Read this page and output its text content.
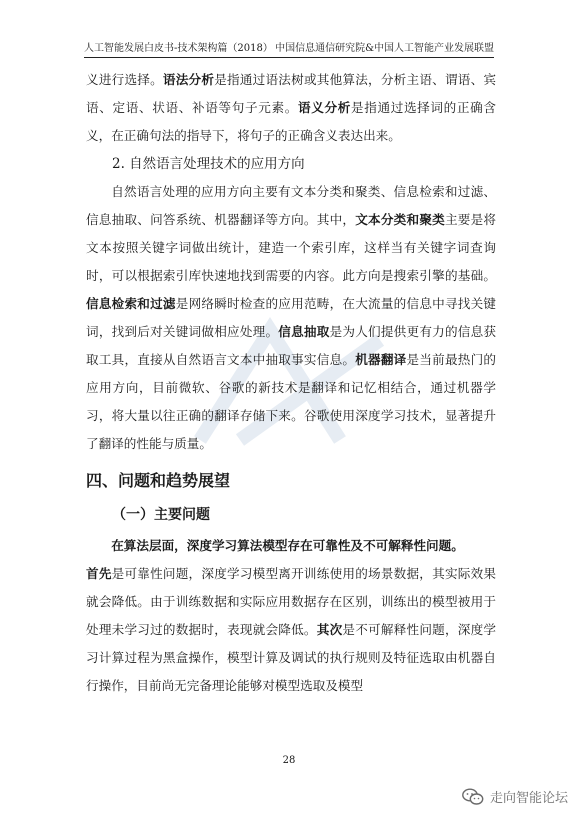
人工智能发展白皮书-技术架构篇（2018） 中国信息通信研究院&中国人工智能产业发展联盟

义进行选择。语法分析是指通过语法树或其他算法，分析主语、谓语、宾语、定语、状语、补语等句子元素。语义分析是指通过选择词的正确含义，在正确句法的指导下，将句子的正确含义表达出来。

2. 自然语言处理技术的应用方向

自然语言处理的应用方向主要有文本分类和聚类、信息检索和过滤、信息抽取、问答系统、机器翻译等方向。其中，文本分类和聚类主要是将文本按照关键字词做出统计，建造一个索引库，这样当有关键字词查询时，可以根据索引库快速地找到需要的内容。此方向是搜索引擎的基础。信息检索和过滤是网络瞬时检查的应用范畴，在大流量的信息中寻找关键词，找到后对关键词做相应处理。信息抽取是为人们提供更有力的信息获取工具，直接从自然语言文本中抽取事实信息。机器翻译是当前最热门的应用方向，目前微软、谷歌的新技术是翻译和记忆相结合，通过机器学习，将大量以往正确的翻译存储下来。谷歌使用深度学习技术，显著提升了翻译的性能与质量。

四、问题和趋势展望
（一）主要问题

在算法层面，深度学习算法模型存在可靠性及不可解释性问题。

首先是可靠性问题，深度学习模型离开训练使用的场景数据，其实际效果就会降低。由于训练数据和实际应用数据存在区别，训练出的模型被用于处理未学习过的数据时，表现就会降低。其次是不可解释性问题，深度学习计算过程为黑盒操作，模型计算及调试的执行规则及特征选取由机器自行操作，目前尚无完备理论能够对模型选取及模型

28
走向智能论坛
